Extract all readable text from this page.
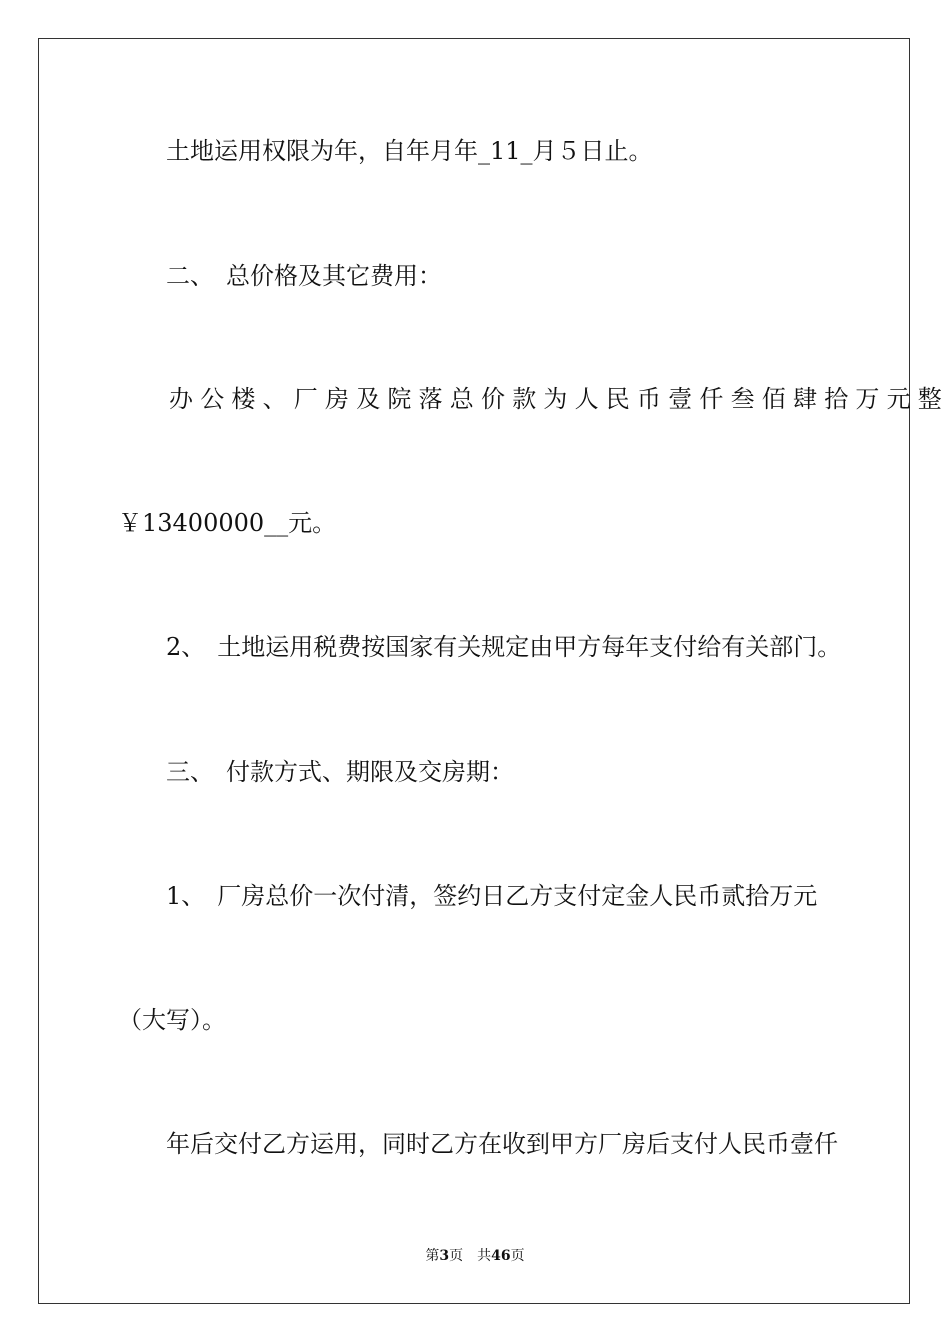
土地运用权限为年，自年月年_11_月５日止。
二、　总价格及其它费用：
办公楼、厂房及院落总价款为人民币壹仟叁佰肆拾万元整
￥13400000__元。
2、　土地运用税费按国家有关规定由甲方每年支付给有关部门。
三、　付款方式、期限及交房期：
1、　厂房总价一次付清，签约日乙方支付定金人民币贰拾万元
（大写）。
年后交付乙方运用，同时乙方在收到甲方厂房后支付人民币壹仟
第3页 共46页
